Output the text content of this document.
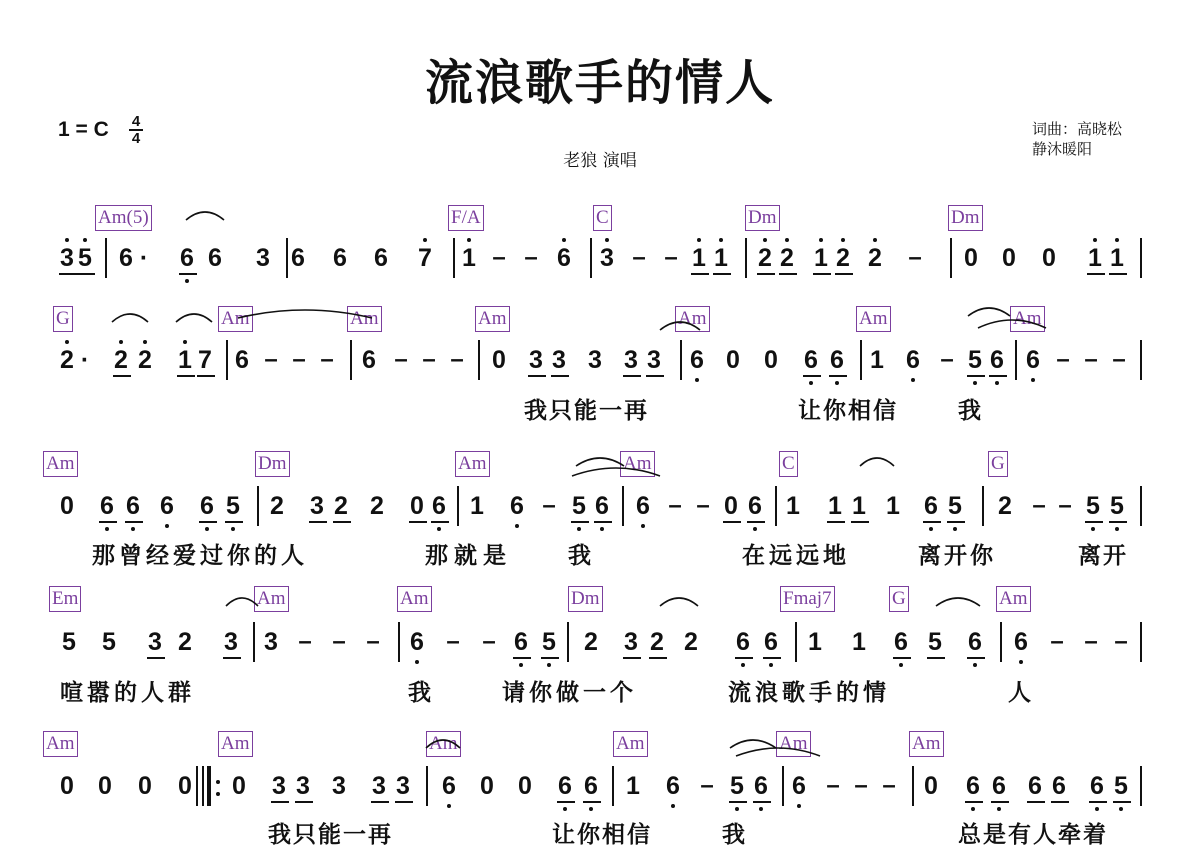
流浪歌手的情人
1 = C 4
4
老狼 演唱
词曲：高晓松
静沐暖阳
Am(5)	F/A	C	Dm	Dm
G	Am	Am	Am	Am	Am	Am
Am	Dm	Am	Am	C	G
Em	Am	Am	Dm	Fmaj7	G	Am
Am	Am	Am	Am	Am	Am
3 5 6 · 6 6 3 6 6 6 7 1 – – 6 3 – – 1 1 2 2 1 2 2 – 0 0 0 1 1
2 · 2 2 1 7 6 – – – 6 – – – 0 3 3 3 3 3 6 0 0 6 6 1 6 – 5 6 6 – – –
0 6 6 6 6 5 2 3 2 2 0 6 1 6 – 5 6 6 – – 0 6 1 1 1 1 6 5 2 – – 5 5
5 5 3 2 3 3 – – – 6 – – 6 5 2 3 2 2 6 6 1 1 6 5 6 6 – – –
0 0 0 0 0 3 3 3 3 3 6 0 0 6 6 1 6 – 5 6 6 – – – 0 6 6 6 6 6 5
我只能一再	让你相信	我
那曾经爱过你的人	那就是 我	在远远地	离开你	离开
喧嚣的人群	我	请你做一个	流浪歌手的情	人
我只能一再	让你相信	我	总是有人牵着
